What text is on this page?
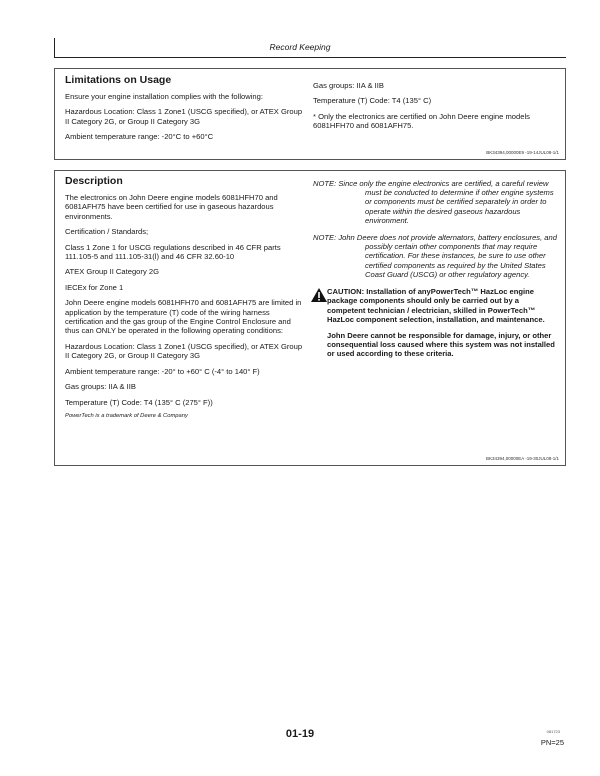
Record Keeping
Limitations on Usage

Ensure your engine installation complies with the following:

Hazardous Location: Class 1 Zone1 (USCG specified), or ATEX Group II Category 2G, or Group II Category 3G

Ambient temperature range: -20°C to +60°C

Gas groups: IIA & IIB

Temperature (T) Code: T4 (135° C)

* Only the electronics are certified on John Deere engine models 6081HFH70 and 6081AFH75.

BK34394,00000E9 -19-14JUL08-1/1
Description

The electronics on John Deere engine models 6081HFH70 and 6081AFH75 have been certified for use in gaseous hazardous environments.

Certification / Standards;

Class 1 Zone 1 for USCG regulations described in 46 CFR parts 111.105-5 and 111.105-31(l) and 46 CFR 32.60-10

ATEX Group II Category 2G

IECEx for Zone 1

John Deere engine models 6081HFH70 and 6081AFH75 are limited in application by the temperature (T) code of the wiring harness certification and the gas group of the Engine Control Enclosure and thus can ONLY be operated in the following operating conditions:

Hazardous Location: Class 1 Zone1 (USCG specified), or ATEX Group II Category 2G, or Group II Category 3G

Ambient temperature range: -20° to +60° C (-4° to 140° F)

Gas groups: IIA & IIB

Temperature (T) Code: T4 (135° C (275° F))

PowerTech is a trademark of Deere & Company
NOTE: Since only the engine electronics are certified, a careful review must be conducted to determine if other engine systems or components must be certified separately in order to operate within the desired gaseous hazardous environment.
NOTE: John Deere does not provide alternators, battery enclosures, and possibly certain other components that may require certification. For these instances, be sure to use other certified components as required by the United States Coast Guard (USCG) or other regulatory agency.
CAUTION: Installation of anyPowerTech™ HazLoc engine package components should only be carried out by a competent technician / electrician, skilled in PowerTech™ HazLoc component selection, installation, and maintenance.

John Deere cannot be responsible for damage, injury, or other consequential loss caused where this system was not installed or used according to these criteria.

BK34394,00000EA -19-30JUL08-1/1
081723
01-19
PN=25
